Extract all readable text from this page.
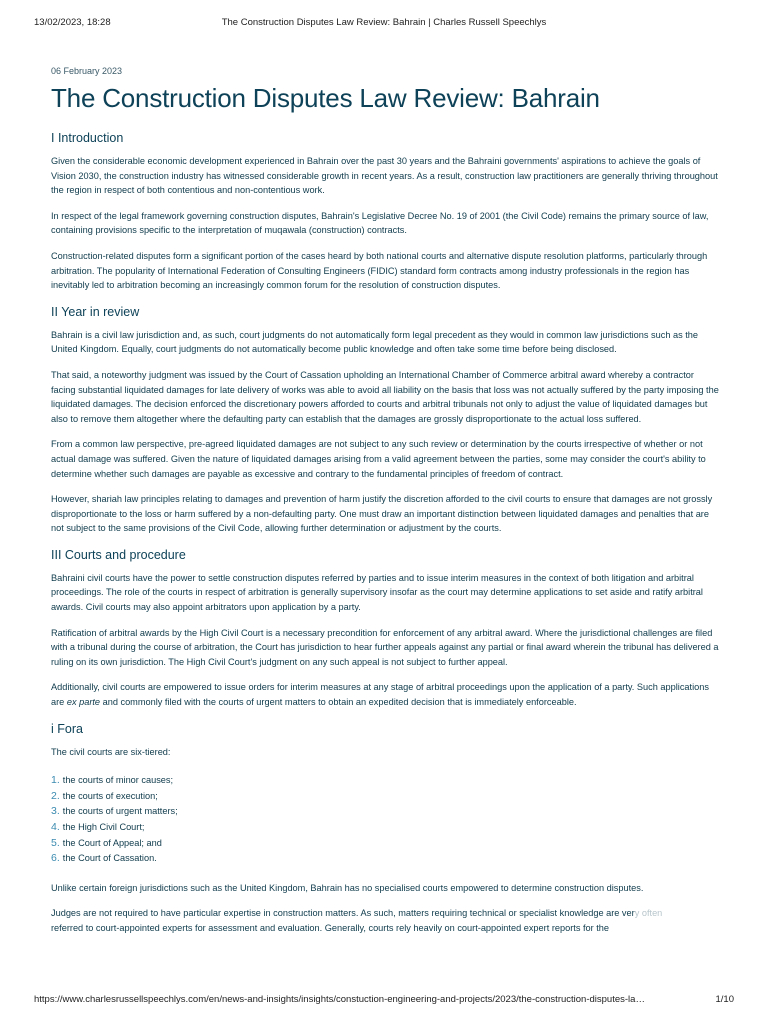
13/02/2023, 18:28	The Construction Disputes Law Review: Bahrain | Charles Russell Speechlys
06 February 2023
The Construction Disputes Law Review: Bahrain
I Introduction

Given the considerable economic development experienced in Bahrain over the past 30 years and the Bahraini governments' aspirations to achieve the goals of Vision 2030, the construction industry has witnessed considerable growth in recent years. As a result, construction law practitioners are generally thriving throughout the region in respect of both contentious and non-contentious work.

In respect of the legal framework governing construction disputes, Bahrain's Legislative Decree No. 19 of 2001 (the Civil Code) remains the primary source of law, containing provisions specific to the interpretation of muqawala (construction) contracts.

Construction-related disputes form a significant portion of the cases heard by both national courts and alternative dispute resolution platforms, particularly through arbitration. The popularity of International Federation of Consulting Engineers (FIDIC) standard form contracts among industry professionals in the region has inevitably led to arbitration becoming an increasingly common forum for the resolution of construction disputes.

II Year in review

Bahrain is a civil law jurisdiction and, as such, court judgments do not automatically form legal precedent as they would in common law jurisdictions such as the United Kingdom. Equally, court judgments do not automatically become public knowledge and often take some time before being disclosed.

That said, a noteworthy judgment was issued by the Court of Cassation upholding an International Chamber of Commerce arbitral award whereby a contractor facing substantial liquidated damages for late delivery of works was able to avoid all liability on the basis that loss was not actually suffered by the party imposing the liquidated damages. The decision enforced the discretionary powers afforded to courts and arbitral tribunals not only to adjust the value of liquidated damages but also to remove them altogether where the defaulting party can establish that the damages are grossly disproportionate to the actual loss suffered.

From a common law perspective, pre-agreed liquidated damages are not subject to any such review or determination by the courts irrespective of whether or not actual damage was suffered. Given the nature of liquidated damages arising from a valid agreement between the parties, some may consider the court's ability to determine whether such damages are payable as excessive and contrary to the fundamental principles of freedom of contract.

However, shariah law principles relating to damages and prevention of harm justify the discretion afforded to the civil courts to ensure that damages are not grossly disproportionate to the loss or harm suffered by a non-defaulting party. One must draw an important distinction between liquidated damages and penalties that are not subject to the same provisions of the Civil Code, allowing further determination or adjustment by the courts.

III Courts and procedure

Bahraini civil courts have the power to settle construction disputes referred by parties and to issue interim measures in the context of both litigation and arbitral proceedings. The role of the courts in respect of arbitration is generally supervisory insofar as the court may determine applications to set aside and ratify arbitral awards. Civil courts may also appoint arbitrators upon application by a party.

Ratification of arbitral awards by the High Civil Court is a necessary precondition for enforcement of any arbitral award. Where the jurisdictional challenges are filed with a tribunal during the course of arbitration, the Court has jurisdiction to hear further appeals against any partial or final award wherein the tribunal has delivered a ruling on its own jurisdiction. The High Civil Court's judgment on any such appeal is not subject to further appeal.

Additionally, civil courts are empowered to issue orders for interim measures at any stage of arbitral proceedings upon the application of a party. Such applications are ex parte and commonly filed with the courts of urgent matters to obtain an expedited decision that is immediately enforceable.

i Fora

The civil courts are six-tiered:

1. the courts of minor causes;
2. the courts of execution;
3. the courts of urgent matters;
4. the High Civil Court;
5. the Court of Appeal; and
6. the Court of Cassation.

Unlike certain foreign jurisdictions such as the United Kingdom, Bahrain has no specialised courts empowered to determine construction disputes.

Judges are not required to have particular expertise in construction matters. As such, matters requiring technical or specialist knowledge are very often
referred to court-appointed experts for assessment and evaluation. Generally, courts rely heavily on court-appointed expert reports for the

https://www.charlesrussellspeechlys.com/en/news-and-insights/insights/constuction-engineering-and-projects/2023/the-construction-disputes-la…	1/10
